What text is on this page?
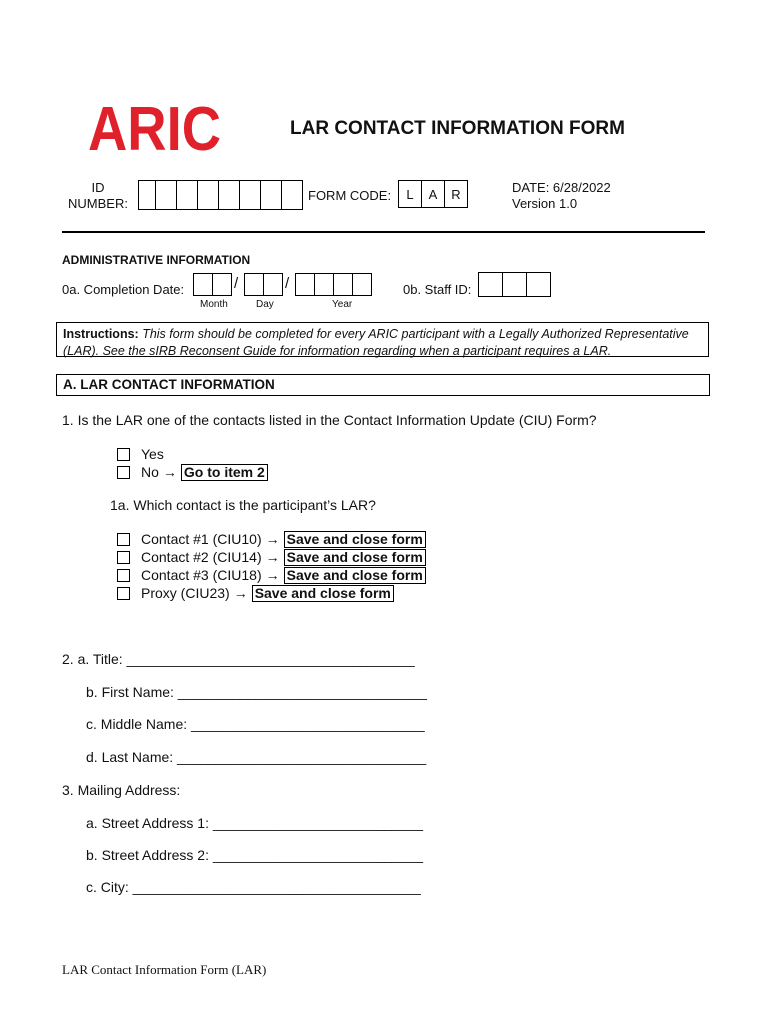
ARIC	LAR CONTACT INFORMATION FORM
ID
NUMBER:
FORM CODE:	L	A	R	DATE: 6/28/2022
Version 1.0
ADMINISTRATIVE INFORMATION
0a. Completion Date:	/	/
Month	Day	Year
0b. Staff ID:
Instructions: This form should be completed for every ARIC participant with a Legally Authorized Representative (LAR). See the sIRB Reconsent Guide for information regarding when a participant requires a LAR.
A. LAR CONTACT INFORMATION
1. Is the LAR one of the contacts listed in the Contact Information Update (CIU) Form?
Yes
No → Go to item 2
1a. Which contact is the participant’s LAR?
Contact #1 (CIU10) → Save and close form
Contact #2 (CIU14) → Save and close form
Contact #3 (CIU18) → Save and close form
Proxy (CIU23) → Save and close form
2. a. Title: _____________________________________
b. First Name: ________________________________
c. Middle Name: ______________________________
d. Last Name: ________________________________
3. Mailing Address:
a. Street Address 1: ___________________________
b. Street Address 2: ___________________________
c. City: _____________________________________
LAR Contact Information Form (LAR)
